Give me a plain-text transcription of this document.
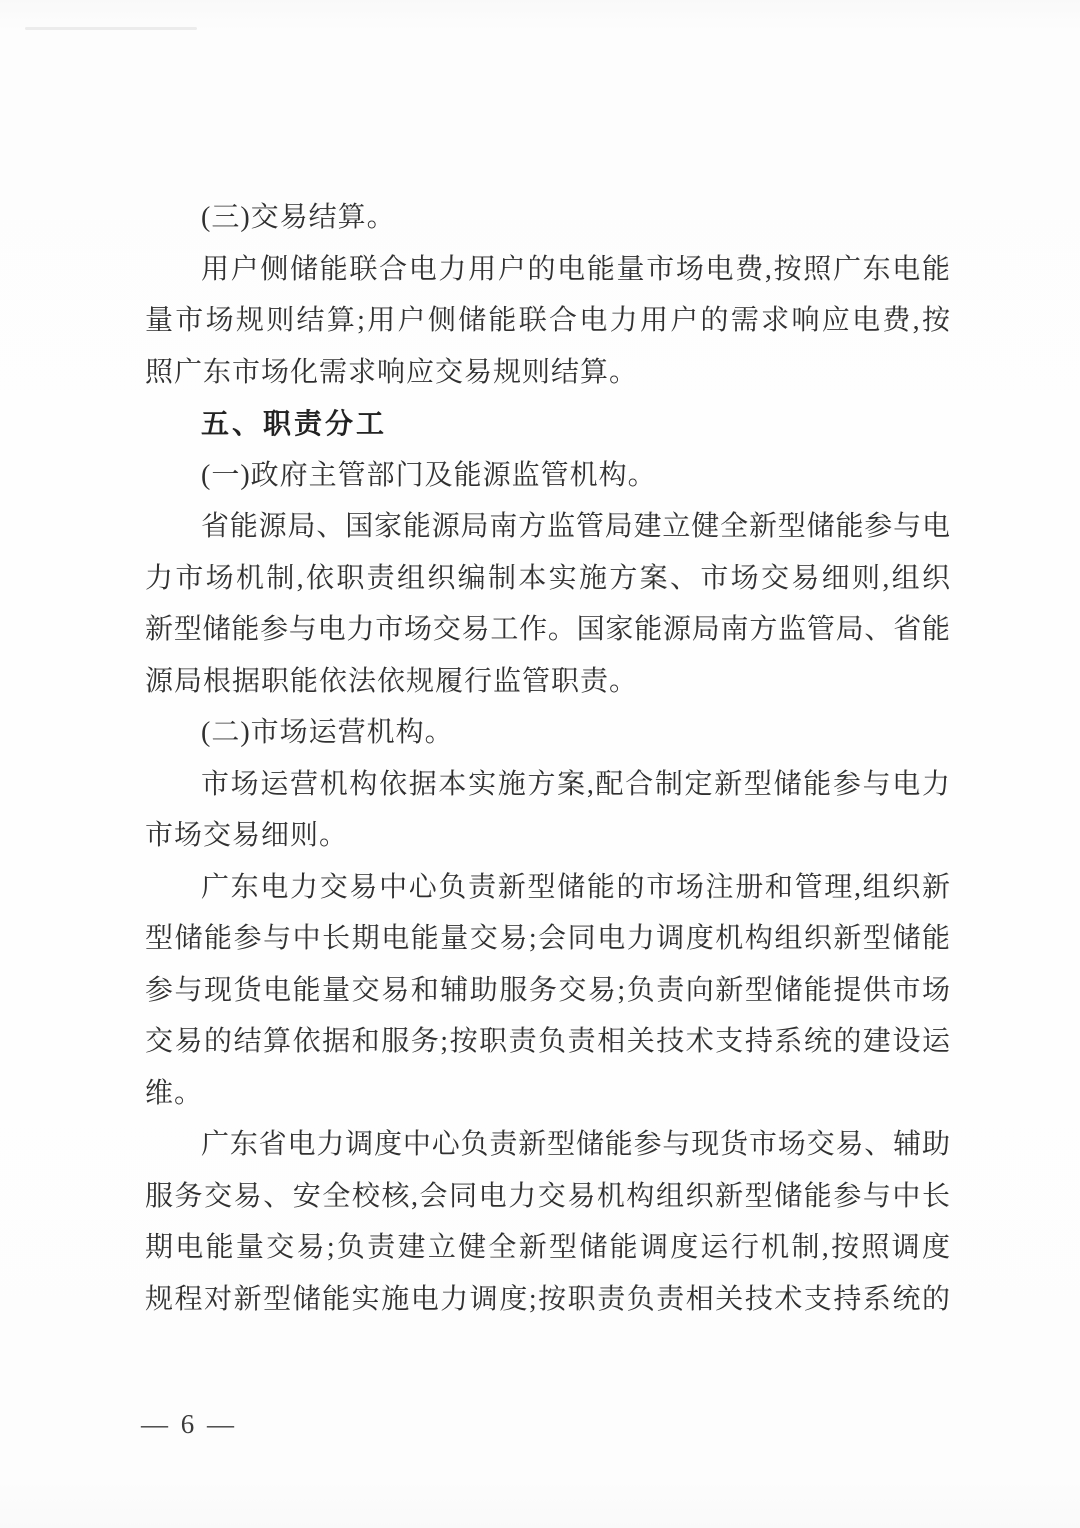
(三)交易结算。
用户侧储能联合电力用户的电能量市场电费,按照广东电能
量市场规则结算;用户侧储能联合电力用户的需求响应电费,按
照广东市场化需求响应交易规则结算。
五、职责分工
(一)政府主管部门及能源监管机构。
省能源局、国家能源局南方监管局建立健全新型储能参与电
力市场机制,依职责组织编制本实施方案、市场交易细则,组织
新型储能参与电力市场交易工作。国家能源局南方监管局、省能
源局根据职能依法依规履行监管职责。
(二)市场运营机构。
市场运营机构依据本实施方案,配合制定新型储能参与电力
市场交易细则。
广东电力交易中心负责新型储能的市场注册和管理,组织新
型储能参与中长期电能量交易;会同电力调度机构组织新型储能
参与现货电能量交易和辅助服务交易;负责向新型储能提供市场
交易的结算依据和服务;按职责负责相关技术支持系统的建设运
维。
广东省电力调度中心负责新型储能参与现货市场交易、辅助
服务交易、安全校核,会同电力交易机构组织新型储能参与中长
期电能量交易;负责建立健全新型储能调度运行机制,按照调度
规程对新型储能实施电力调度;按职责负责相关技术支持系统的
— 6 —
